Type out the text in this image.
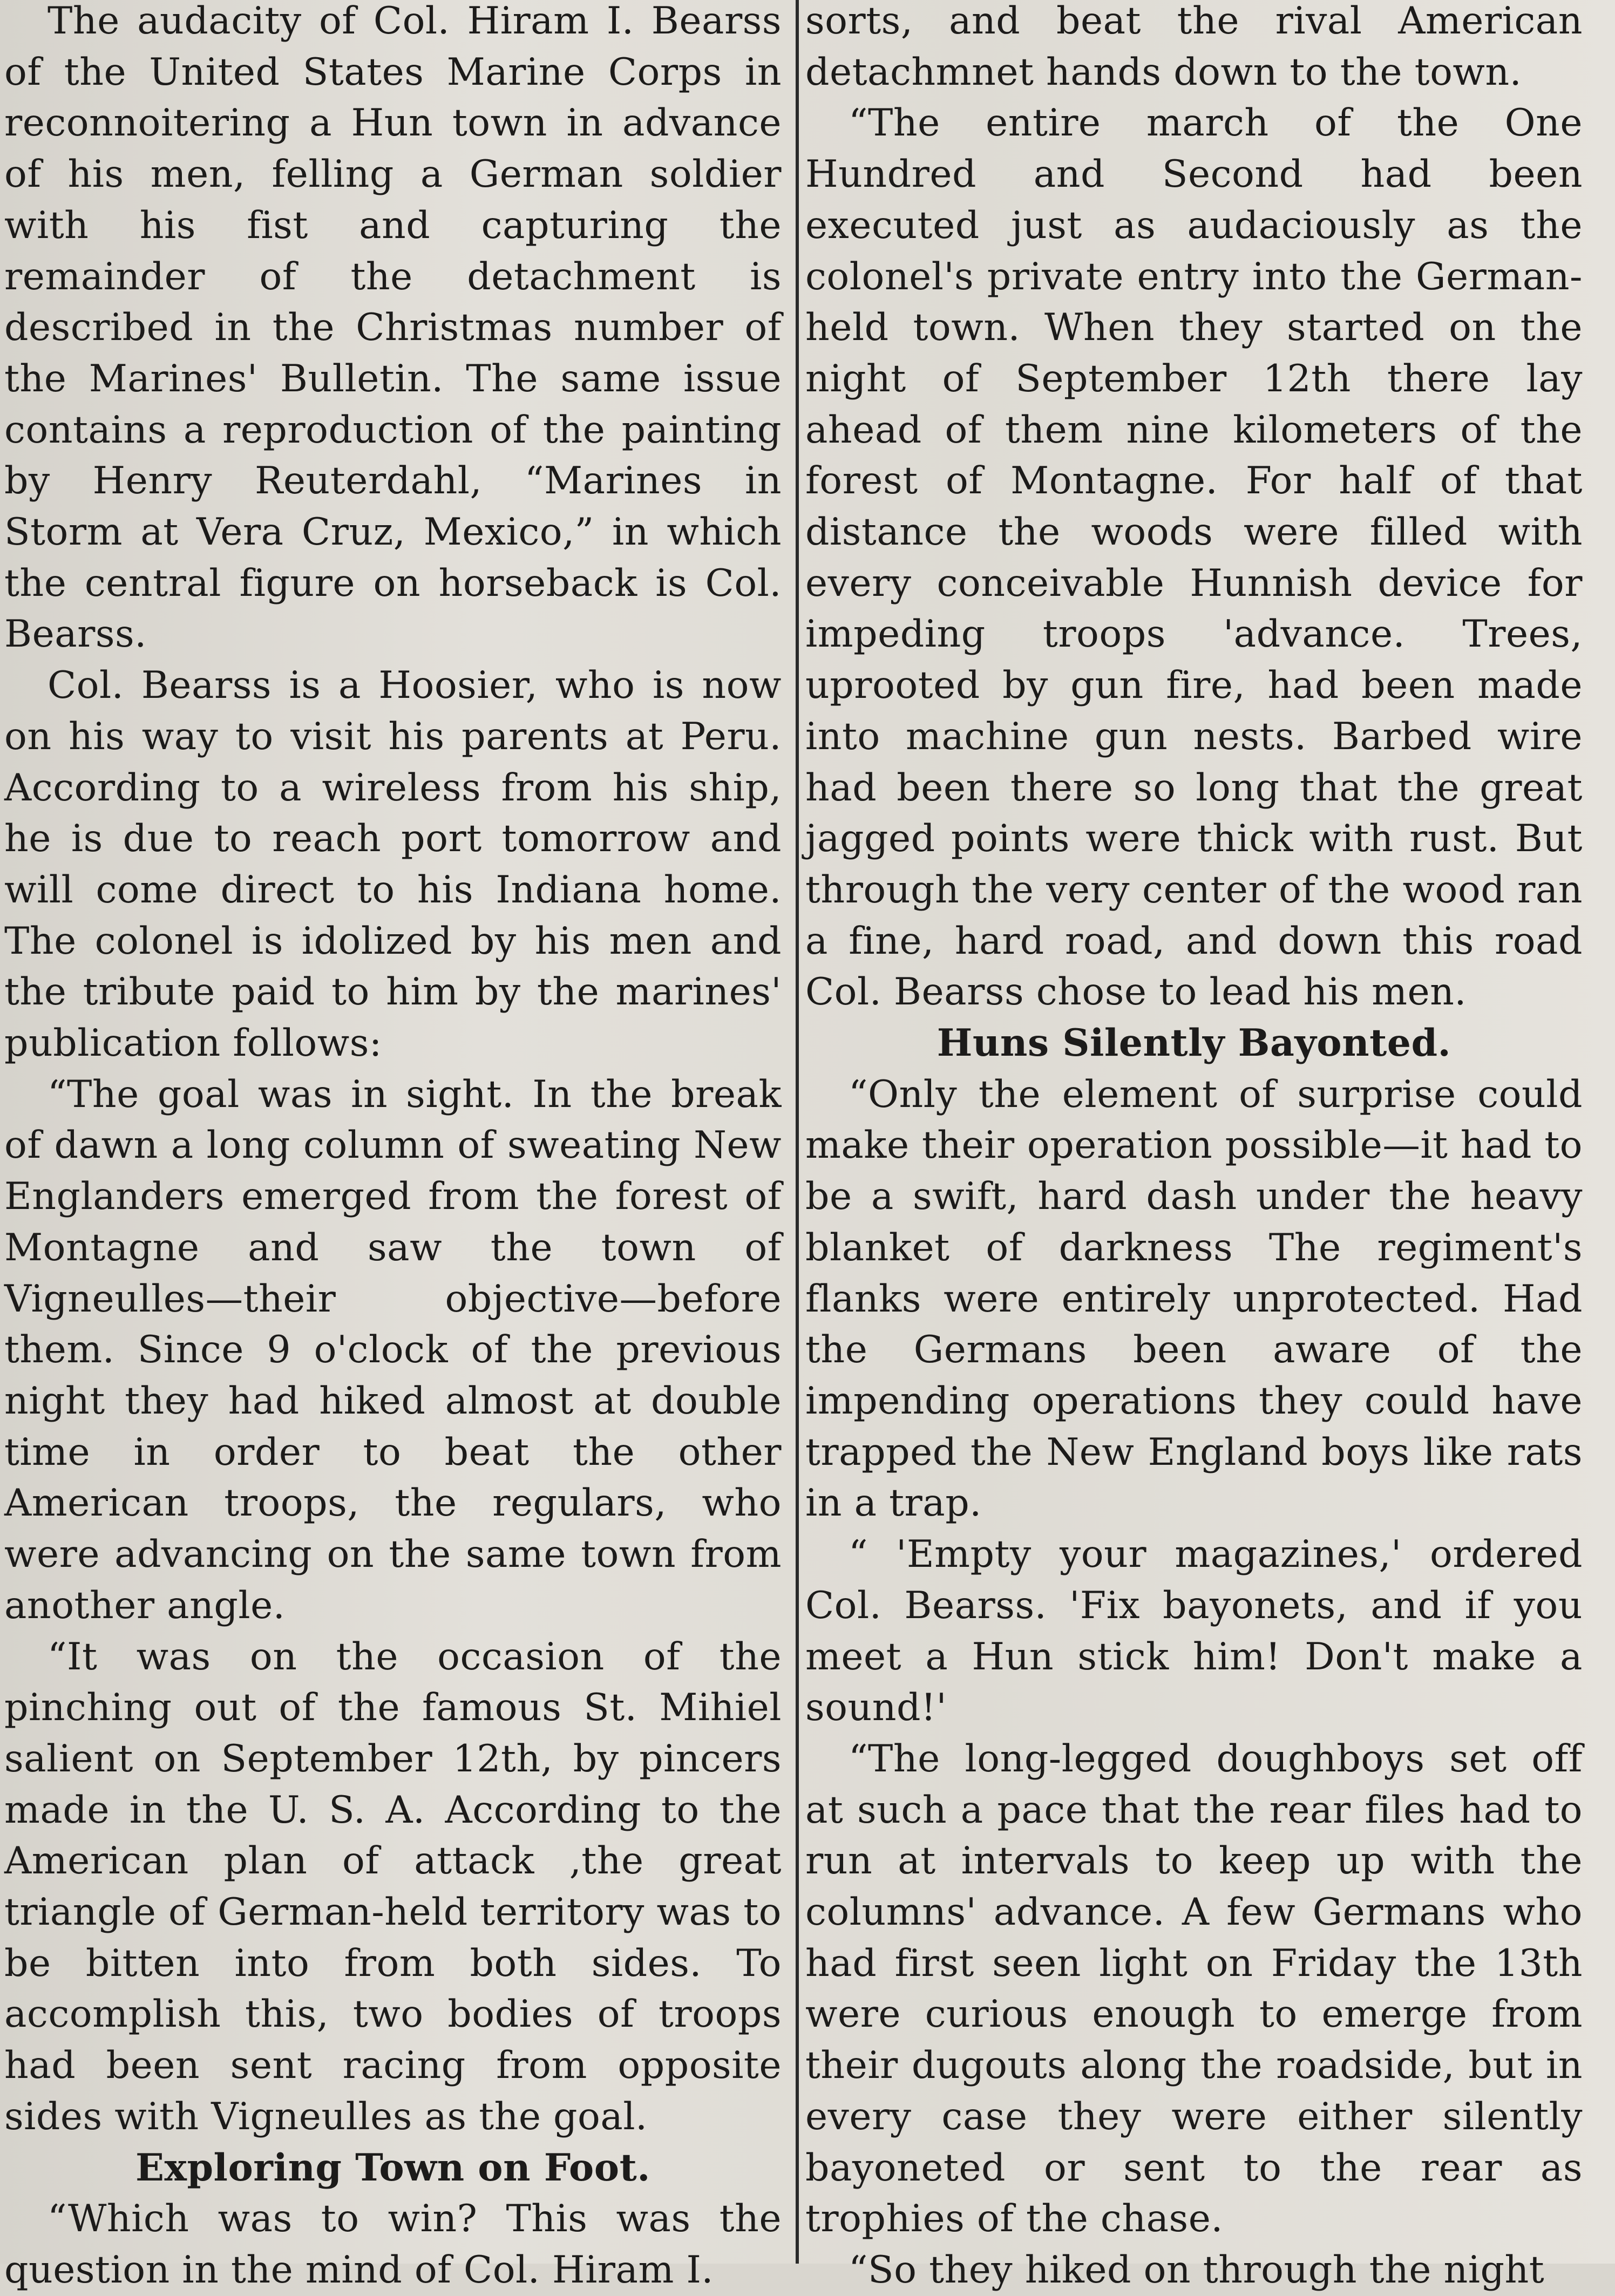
The audacity of Col. Hiram I. Bearss of the United States Marine Corps in reconnoitering a Hun town in advance of his men, felling a German soldier with his fist and capturing the remainder of the detachment is described in the Christmas number of the Marines' Bulletin. The same issue contains a reproduction of the painting by Henry Reuterdahl, “Marines in Storm at Vera Cruz, Mexico,” in which the central figure on horseback is Col. Bearss.

Col. Bearss is a Hoosier, who is now on his way to visit his parents at Peru. According to a wireless from his ship, he is due to reach port tomorrow and will come direct to his Indiana home. The colonel is idolized by his men and the tribute paid to him by the marines' publication follows:

“The goal was in sight. In the break of dawn a long column of sweating New Englanders emerged from the forest of Montagne and saw the town of Vigneulles—their objective—before them. Since 9 o'clock of the previous night they had hiked almost at double time in order to beat the other American troops, the regulars, who were advancing on the same town from another angle.

“It was on the occasion of the pinching out of the famous St. Mihiel salient on September 12th, by pincers made in the U. S. A. According to the American plan of attack ,the great triangle of German-held territory was to be bitten into from both sides. To accomplish this, two bodies of troops had been sent racing from opposite sides with Vigneulles as the goal.

Exploring Town on Foot.

“Which was to win? This was the question in the mind of Col. Hiram I.

sorts, and beat the rival American detachmnet hands down to the town.

“The entire march of the One Hundred and Second had been executed just as audaciously as the colonel's private entry into the German-held town. When they started on the night of September 12th there lay ahead of them nine kilometers of the forest of Montagne. For half of that distance the woods were filled with every conceivable Hunnish device for impeding troops 'advance. Trees, uprooted by gun fire, had been made into machine gun nests. Barbed wire had been there so long that the great jagged points were thick with rust. But through the very center of the wood ran a fine, hard road, and down this road Col. Bearss chose to lead his men.

Huns Silently Bayonted.

“Only the element of surprise could make their operation possible—it had to be a swift, hard dash under the heavy blanket of darkness The regiment's flanks were entirely unprotected. Had the Germans been aware of the impending operations they could have trapped the New England boys like rats in a trap.

“ 'Empty your magazines,' ordered Col. Bearss. 'Fix bayonets, and if you meet a Hun stick him! Don't make a sound!'

“The long-legged doughboys set off at such a pace that the rear files had to run at intervals to keep up with the columns' advance. A few Germans who had first seen light on Friday the 13th were curious enough to emerge from their dugouts along the roadside, but in every case they were either silently bayoneted or sent to the rear as trophies of the chase.

“So they hiked on through the night
